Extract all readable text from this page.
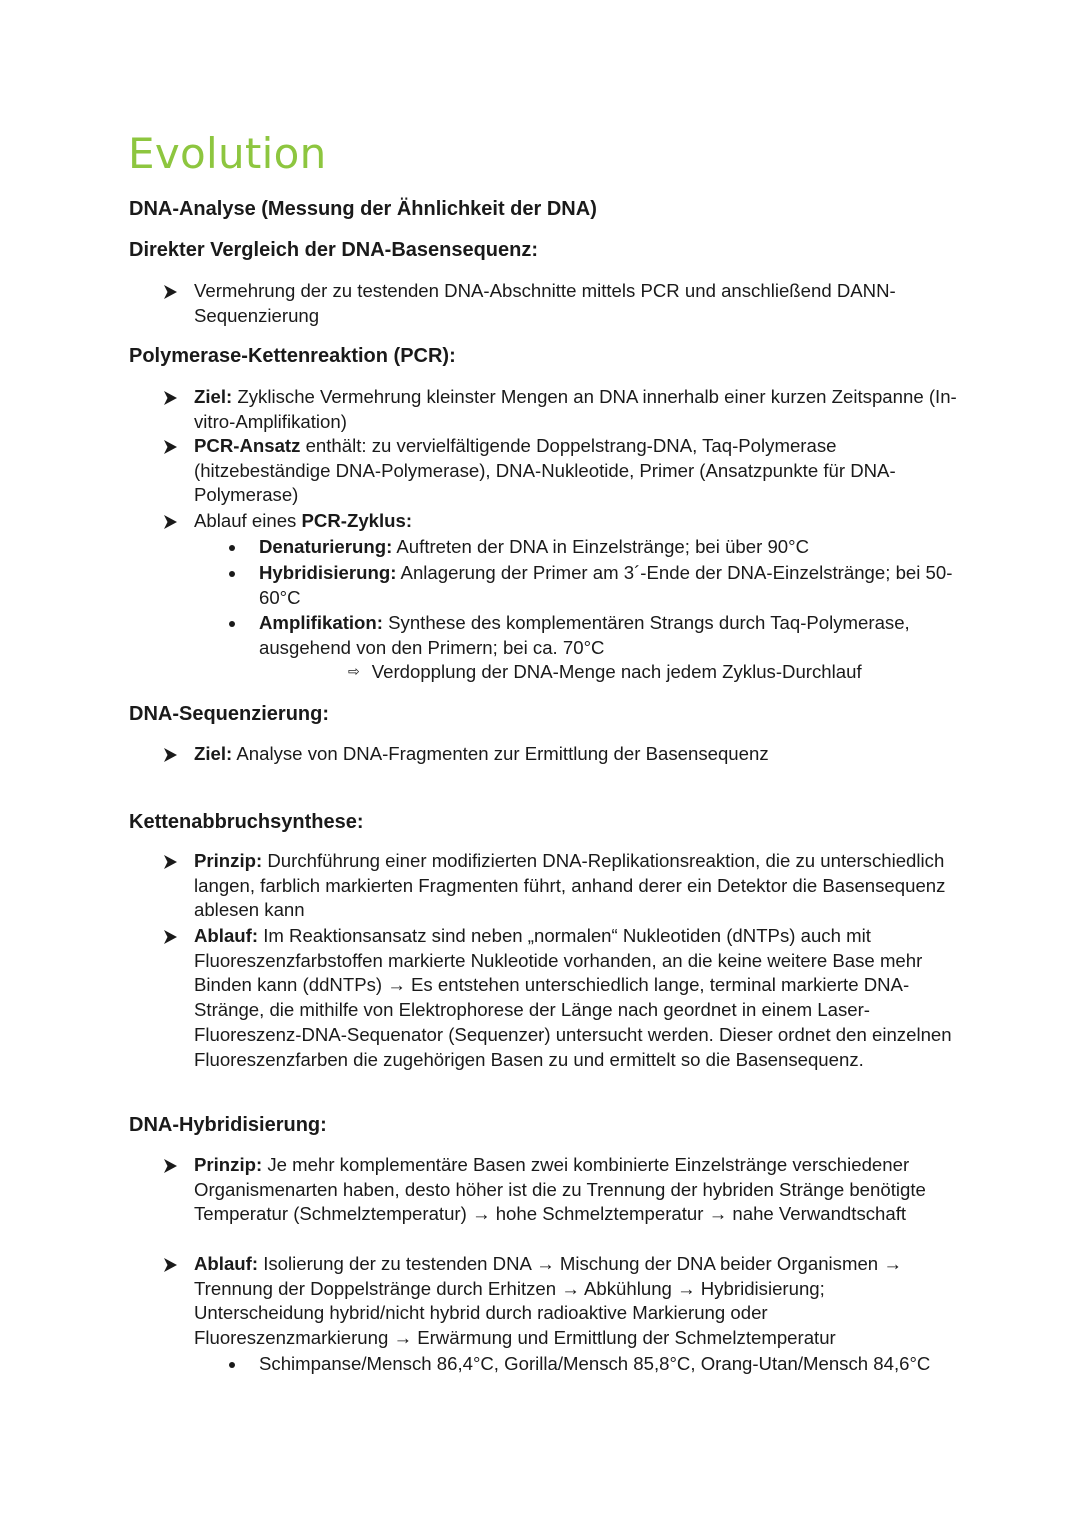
Evolution
DNA-Analyse (Messung der Ähnlichkeit der DNA)
Direkter Vergleich der DNA-Basensequenz:
Vermehrung der zu testenden DNA-Abschnitte mittels PCR und anschließend DANN-
Sequenzierung
Polymerase-Kettenreaktion (PCR):
Ziel: Zyklische Vermehrung kleinster Mengen an DNA innerhalb einer kurzen Zeitspanne (In-vitro-Amplifikation)
PCR-Ansatz enthält: zu vervielfältigende Doppelstrang-DNA, Taq-Polymerase (hitzebeständige DNA-Polymerase), DNA-Nukleotide, Primer (Ansatzpunkte für DNA-Polymerase)
Ablauf eines PCR-Zyklus:
Denaturierung: Auftreten der DNA in Einzelstränge; bei über 90°C
Hybridisierung: Anlagerung der Primer am 3´-Ende der DNA-Einzelstränge; bei 50-60°C
Amplifikation: Synthese des komplementären Strangs durch Taq-Polymerase, ausgehend von den Primern; bei ca. 70°C
⇨ Verdopplung der DNA-Menge nach jedem Zyklus-Durchlauf
DNA-Sequenzierung:
Ziel: Analyse von DNA-Fragmenten zur Ermittlung der Basensequenz
Kettenabbruchsynthese:
Prinzip: Durchführung einer modifizierten DNA-Replikationsreaktion, die zu unterschiedlich langen, farblich markierten Fragmenten führt, anhand derer ein Detektor die Basensequenz ablesen kann
Ablauf: Im Reaktionsansatz sind neben „normalen“ Nukleotiden (dNTPs) auch mit Fluoreszenzfarbstoffen markierte Nukleotide vorhanden, an die keine weitere Base mehr Binden kann (ddNTPs) → Es entstehen unterschiedlich lange, terminal markierte DNA-Stränge, die mithilfe von Elektrophorese der Länge nach geordnet in einem Laser-Fluoreszenz-DNA-Sequenator (Sequenzer) untersucht werden. Dieser ordnet den einzelnen Fluoreszenzfarben die zugehörigen Basen zu und ermittelt so die Basensequenz.
DNA-Hybridisierung:
Prinzip: Je mehr komplementäre Basen zwei kombinierte Einzelstränge verschiedener Organismenarten haben, desto höher ist die zu Trennung der hybriden Stränge benötigte Temperatur (Schmelztemperatur) → hohe Schmelztemperatur → nahe Verwandtschaft
Ablauf: Isolierung der zu testenden DNA → Mischung der DNA beider Organismen → Trennung der Doppelstränge durch Erhitzen → Abkühlung → Hybridisierung; Unterscheidung hybrid/nicht hybrid durch radioaktive Markierung oder Fluoreszenzmarkierung → Erwärmung und Ermittlung der Schmelztemperatur
Schimpanse/Mensch 86,4°C, Gorilla/Mensch 85,8°C, Orang-Utan/Mensch 84,6°C
